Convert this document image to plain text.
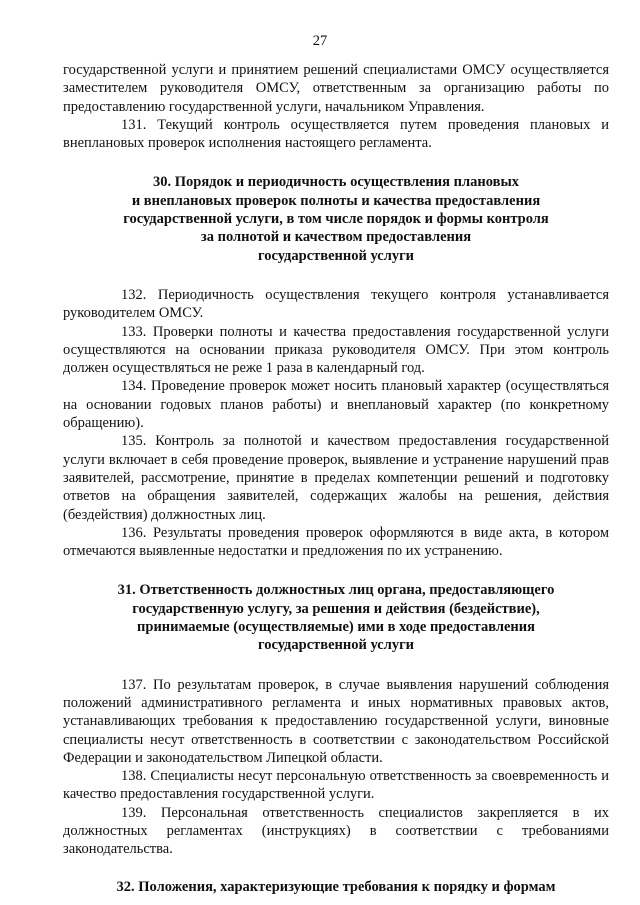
27

государственной услуги и принятием решений специалистами ОМСУ осуществляется заместителем руководителя ОМСУ, ответственным за организацию работы по предоставлению государственной услуги, начальником Управления.

131. Текущий контроль осуществляется путем проведения плановых и внеплановых проверок исполнения настоящего регламента.

30. Порядок и периодичность осуществления плановых
и внеплановых проверок полноты и качества предоставления
государственной услуги, в том числе порядок и формы контроля
за полнотой и качеством предоставления
государственной услуги

132. Периодичность осуществления текущего контроля устанавливается руководителем ОМСУ.

133. Проверки полноты и качества предоставления государственной услуги осуществляются на основании приказа руководителя ОМСУ. При этом контроль должен осуществляться не реже 1 раза в календарный год.

134. Проведение проверок может носить плановый характер (осуществляться на основании годовых планов работы) и внеплановый характер (по конкретному обращению).

135. Контроль за полнотой и качеством предоставления государственной услуги включает в себя проведение проверок, выявление и устранение нарушений прав заявителей, рассмотрение, принятие в пределах компетенции решений и подготовку ответов на обращения заявителей, содержащих жалобы на решения, действия (бездействия) должностных лиц.

136. Результаты проведения проверок оформляются в виде акта, в котором отмечаются выявленные недостатки и предложения по их устранению.

31. Ответственность должностных лиц органа, предоставляющего
государственную услугу, за решения и действия (бездействие),
принимаемые (осуществляемые) ими в ходе предоставления
государственной услуги

137. По результатам проверок, в случае выявления нарушений соблюдения положений административного регламента и иных нормативных правовых актов, устанавливающих требования к предоставлению государственной услуги, виновные специалисты несут ответственность в соответствии с законодательством Российской Федерации и законодательством Липецкой области.

138. Специалисты несут персональную ответственность за своевременность и качество предоставления государственной услуги.

139. Персональная ответственность специалистов закрепляется в их должностных регламентах (инструкциях) в соответствии с требованиями законодательства.

32. Положения, характеризующие требования к порядку и формам
